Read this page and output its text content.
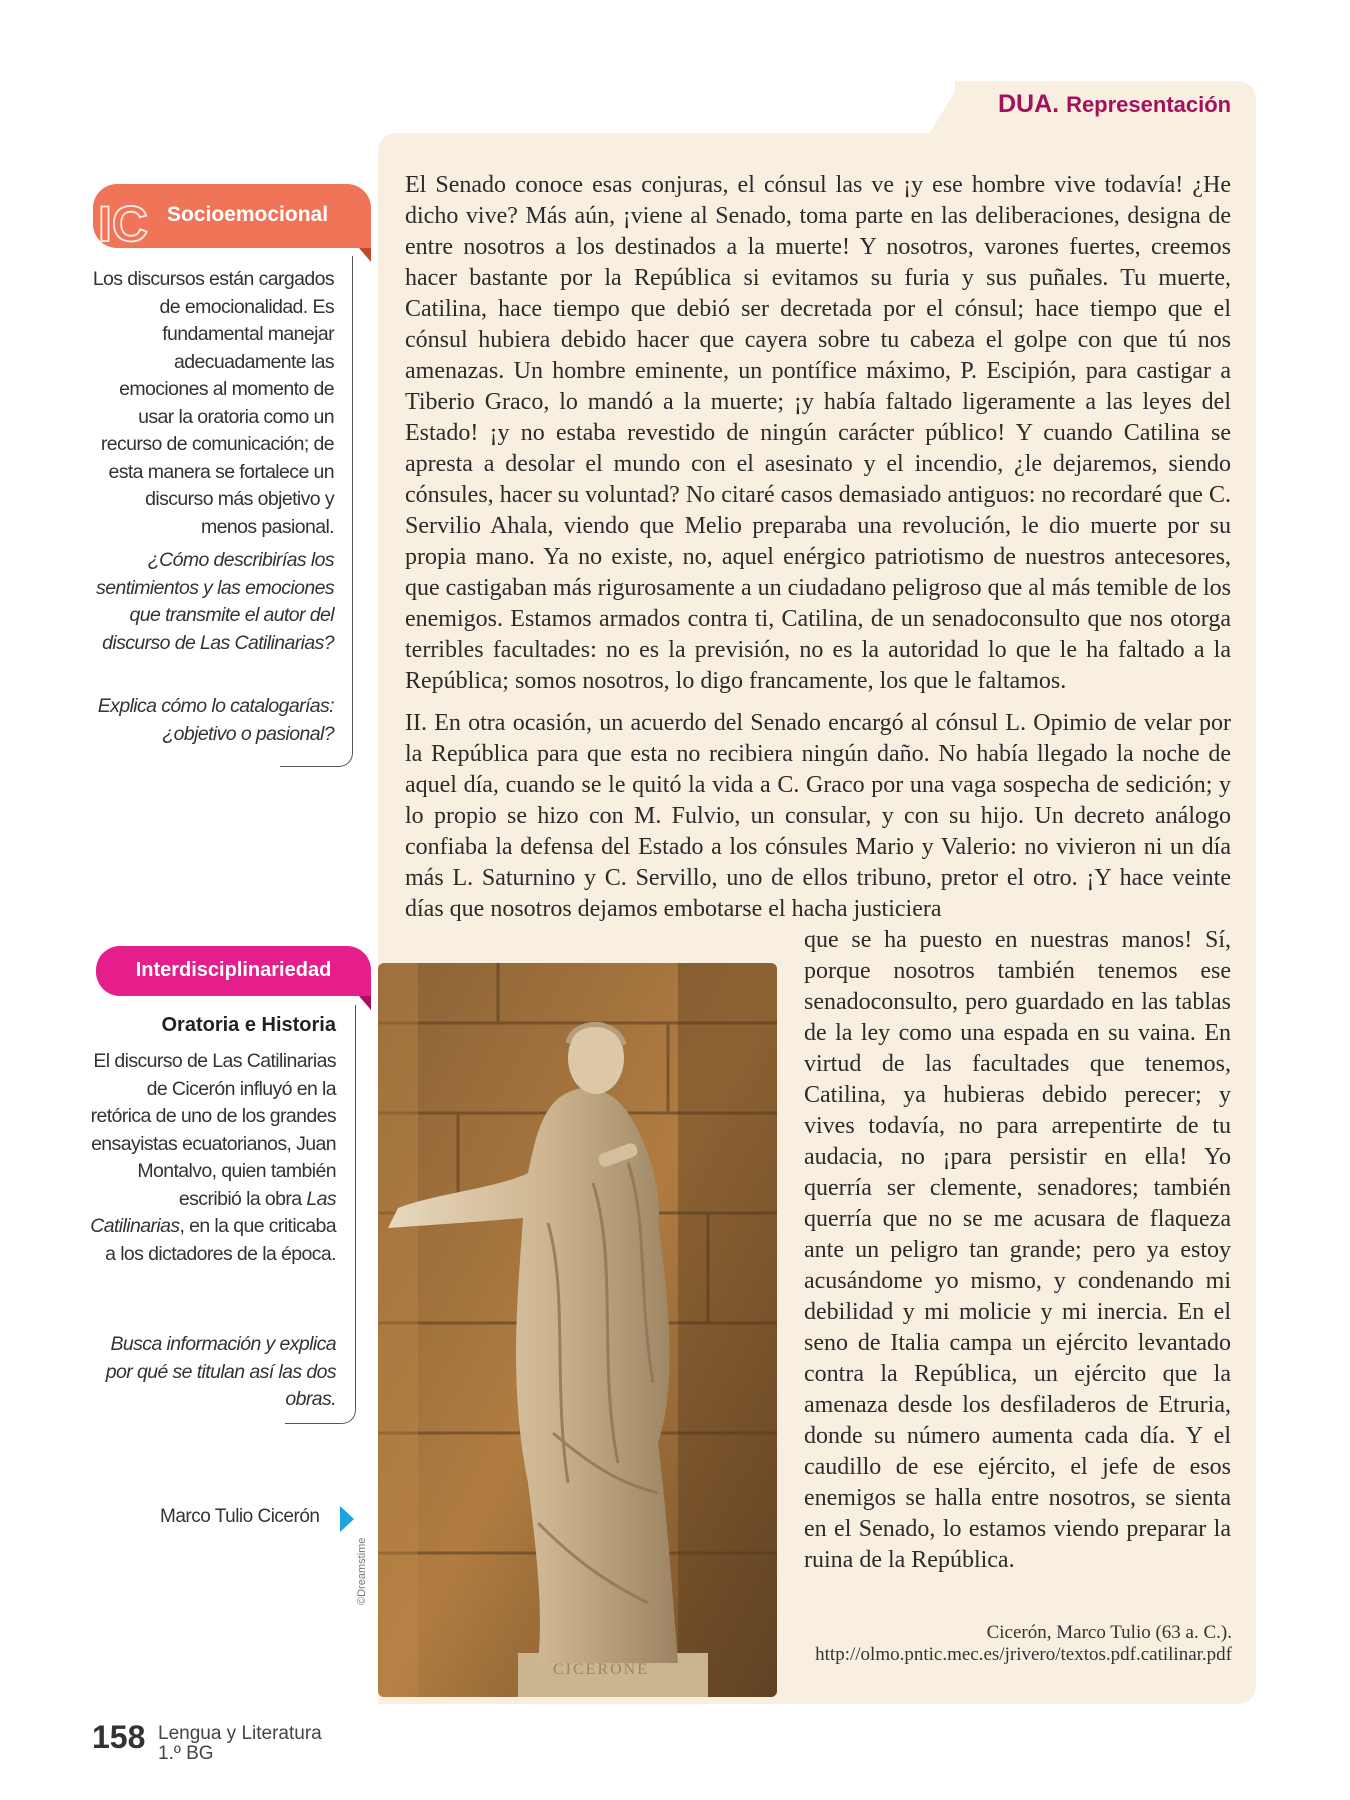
DUA. Representación

El Senado conoce esas conjuras, el cónsul las ve ¡y ese hombre vive todavía! ¿He dicho vive? Más aún, ¡viene al Senado, toma parte en las deliberaciones, designa de entre nosotros a los destinados a la muerte! Y nosotros, varones fuertes, creemos hacer bastante por la República si evitamos su furia y sus puñales. Tu muerte, Catilina, hace tiempo que debió ser decretada por el cónsul; hace tiempo que el cónsul hubiera debido hacer que cayera sobre tu cabeza el golpe con que tú nos amenazas. Un hombre eminente, un pontífice máximo, P. Escipión, para castigar a Tiberio Graco, lo mandó a la muerte; ¡y había faltado ligeramente a las leyes del Estado! ¡y no estaba revestido de ningún carácter público! Y cuando Catilina se apresta a desolar el mundo con el asesinato y el incendio, ¿le dejaremos, siendo cónsules, hacer su voluntad? No citaré casos demasiado antiguos: no recordaré que C. Servilio Ahala, viendo que Melio preparaba una revolución, le dio muerte por su propia mano. Ya no existe, no, aquel enérgico patriotismo de nuestros antecesores, que castigaban más rigurosamente a un ciudadano peligroso que al más temible de los enemigos. Estamos armados contra ti, Catilina, de un senadoconsulto que nos otorga terribles facultades: no es la previsión, no es la autoridad lo que le ha faltado a la República; somos nosotros, lo digo francamente, los que le faltamos.

II. En otra ocasión, un acuerdo del Senado encargó al cónsul L. Opimio de velar por la República para que esta no recibiera ningún daño. No había llegado la noche de aquel día, cuando se le quitó la vida a C. Graco por una vaga sospecha de sedición; y lo propio se hizo con M. Fulvio, un consular, y con su hijo. Un decreto análogo confiaba la defensa del Estado a los cónsules Mario y Valerio: no vivieron ni un día más L. Saturnino y C. Servillo, uno de ellos tribuno, pretor el otro. ¡Y hace veinte días que nosotros dejamos embotarse el hacha justiciera

que se ha puesto en nuestras manos! Sí, porque nosotros también tenemos ese senadoconsulto, pero guardado en las tablas de la ley como una espada en su vaina. En virtud de las facultades que tenemos, Catilina, ya hubieras debido perecer; y vives todavía, no para arrepentirte de tu audacia, no ¡para persistir en ella! Yo querría ser clemente, senadores; también querría que no se me acusara de flaqueza ante un peligro tan grande; pero ya estoy acusándome yo mismo, y condenando mi debilidad y mi molicie y mi inercia. En el seno de Italia campa un ejército levantado contra la República, un ejército que la amenaza desde los desfiladeros de Etruria, donde su número aumenta cada día. Y el caudillo de ese ejército, el jefe de esos enemigos se halla entre nosotros, se sienta en el Senado, lo estamos viendo preparar la ruina de la República.

Cicerón, Marco Tulio (63 a. C.).
http://olmo.pntic.mec.es/jrivero/textos.pdf.catilinar.pdf
CICERONE
©Dreamstime
IC Socioemocional

Los discursos están cargados de emocionalidad. Es fundamental manejar adecuadamente las emociones al momento de usar la oratoria como un recurso de comunicación; de esta manera se fortalece un discurso más objetivo y menos pasional.

¿Cómo describirías los sentimientos y las emociones que transmite el autor del discurso de Las Catilinarias?

Explica cómo lo catalogarías: ¿objetivo o pasional?

Interdisciplinariedad
Oratoria e Historia

El discurso de Las Catilinarias de Cicerón influyó en la retórica de uno de los grandes ensayistas ecuatorianos, Juan Montalvo, quien también escribió la obra Las Catilinarias, en la que criticaba a los dictadores de la época.

Busca información y explica por qué se titulan así las dos obras.

Marco Tulio Cicerón
158 Lengua y Literatura
1.º BG
